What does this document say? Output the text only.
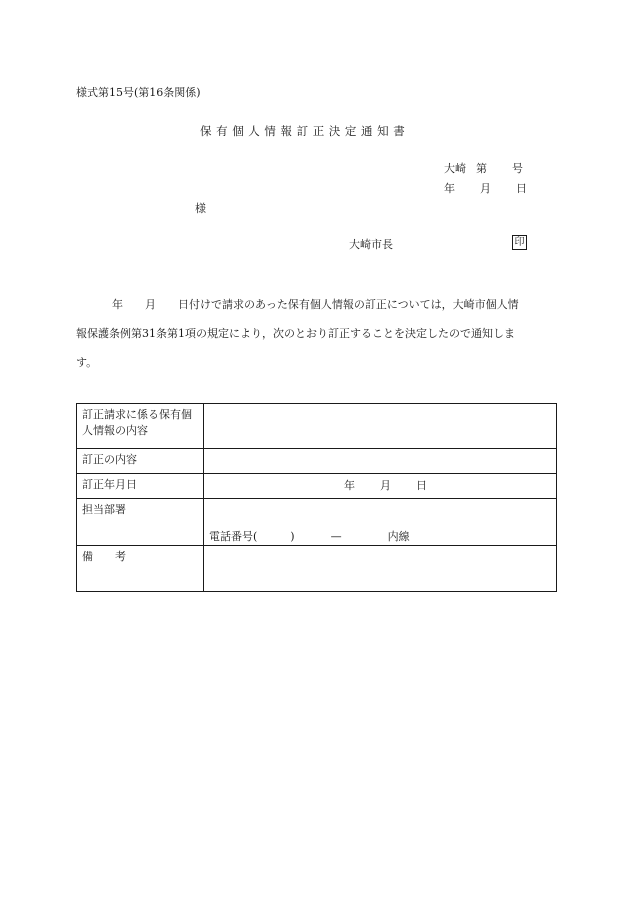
様式第15号(第16条関係)
保有個人情報訂正決定通知書
大崎 第 号
年 月 日
様
大崎市長	印
年　　月　　日付けで請求のあった保有個人情報の訂正については，大崎市個人情
報保護条例第31条第1項の規定により，次のとおり訂正することを決定したので通知しま
す。
訂正請求に係る保有個人情報の内容	
訂正の内容	
訂正年月日	年 月 日

担当部署	電話番号( ) — 内線

備　　考	
